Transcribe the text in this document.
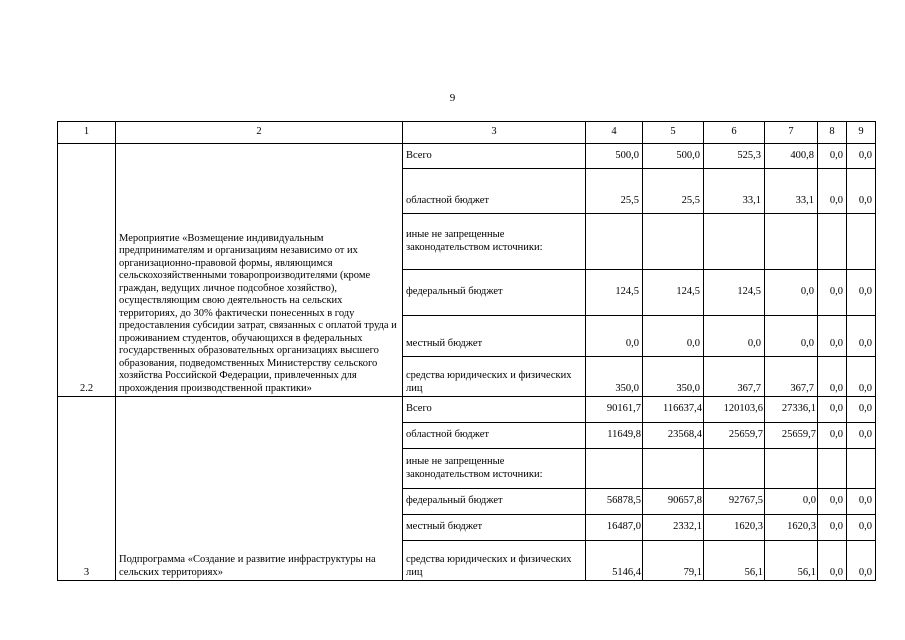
9
1	2	3	4	5	6	7	8	9
2.2	Мероприятие «Возмещение индивидуальным предпринимателям и организациям независимо от их организационно-правовой формы, являющимся сельскохозяйственными товаропроизводителями (кроме граждан, ведущих личное подсобное хозяйство), осуществляющим свою деятельность на сельских территориях, до 30% фактически понесенных в году предоставления субсидии затрат, связанных с оплатой труда и проживанием студентов, обучающихся в федеральных государственных образовательных организациях высшего образования, подведомственных Министерству сельского хозяйства Российской Федерации, привлеченных для прохождения производственной практики»	Всего	500,0	500,0	525,3	400,8	0,0	0,0
		областной бюджет	25,5	25,5	33,1	33,1	0,0	0,0
		иные не запрещенные законодательством источники:						
		федеральный бюджет	124,5	124,5	124,5	0,0	0,0	0,0
		местный бюджет	0,0	0,0	0,0	0,0	0,0	0,0
		средства юридических и физических лиц	350,0	350,0	367,7	367,7	0,0	0,0
3	Подпрограмма «Создание и развитие инфраструктуры на сельских территориях»	Всего	90161,7	116637,4	120103,6	27336,1	0,0	0,0
		областной бюджет	11649,8	23568,4	25659,7	25659,7	0,0	0,0
		иные не запрещенные законодательством источники:						
		федеральный бюджет	56878,5	90657,8	92767,5	0,0	0,0	0,0
		местный бюджет	16487,0	2332,1	1620,3	1620,3	0,0	0,0
		средства юридических и физических лиц	5146,4	79,1	56,1	56,1	0,0	0,0
